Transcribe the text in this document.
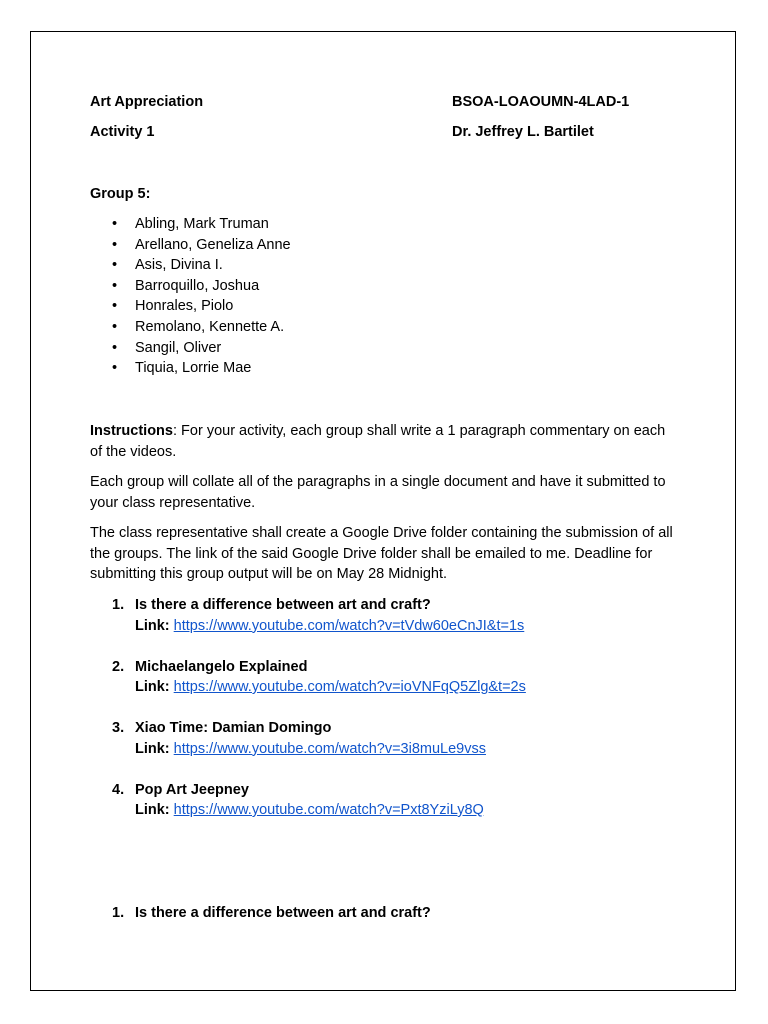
Art Appreciation	BSOA-LOAOUMN-4LAD-1
Activity 1	Dr. Jeffrey L. Bartilet
Group 5:
• Abling, Mark Truman
• Arellano, Geneliza Anne
• Asis, Divina I.
• Barroquillo, Joshua
• Honrales, Piolo
• Remolano, Kennette A.
• Sangil, Oliver
• Tiquia, Lorrie Mae

Instructions: For your activity, each group shall write a 1 paragraph commentary on each of the videos.

Each group will collate all of the paragraphs in a single document and have it submitted to your class representative.

The class representative shall create a Google Drive folder containing the submission of all the groups. The link of the said Google Drive folder shall be emailed to me. Deadline for submitting this group output will be on May 28 Midnight.

1. Is there a difference between art and craft?
Link: https://www.youtube.com/watch?v=tVdw60eCnJI&t=1s
2. Michaelangelo Explained
Link: https://www.youtube.com/watch?v=ioVNFqQ5Zlg&t=2s
3. Xiao Time: Damian Domingo
Link: https://www.youtube.com/watch?v=3i8muLe9vss
4. Pop Art Jeepney
Link: https://www.youtube.com/watch?v=Pxt8YziLy8Q
1. Is there a difference between art and craft?
